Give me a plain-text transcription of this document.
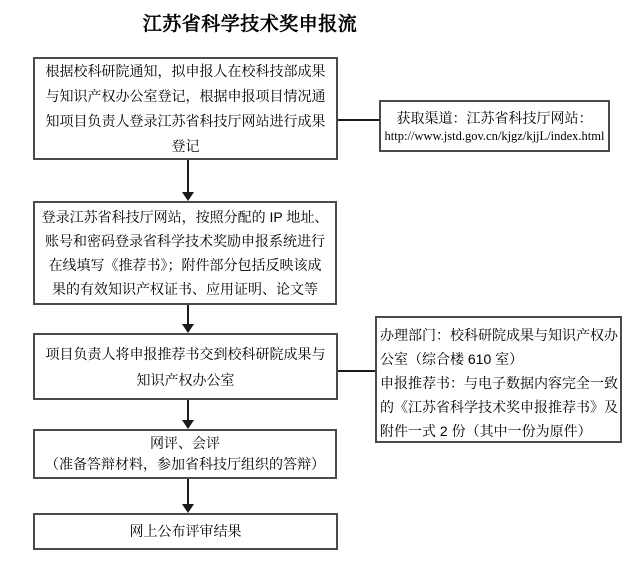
江苏省科学技术奖申报流
根据校科研院通知，拟申报人在校科技部成果
与知识产权办公室登记，根据申报项目情况通
知项目负责人登录江苏省科技厅网站进行成果
登记
获取渠道：江苏省科技厅网站：
http://www.jstd.gov.cn/kjgz/kjjL/index.html
登录江苏省科技厅网站，按照分配的 IP 地址、
账号和密码登录省科学技术奖励申报系统进行
在线填写《推荐书》；附件部分包括反映该成
果的有效知识产权证书、应用证明、论文等
项目负责人将申报推荐书交到校科研院成果与
知识产权办公室
办理部门：校科研院成果与知识产权办
公室（综合楼 610 室）
申报推荐书：与电子数据内容完全一致
的《江苏省科学技术奖申报推荐书》及
附件一式 2 份（其中一份为原件）
网评、会评
（准备答辩材料，参加省科技厅组织的答辩）
网上公布评审结果
